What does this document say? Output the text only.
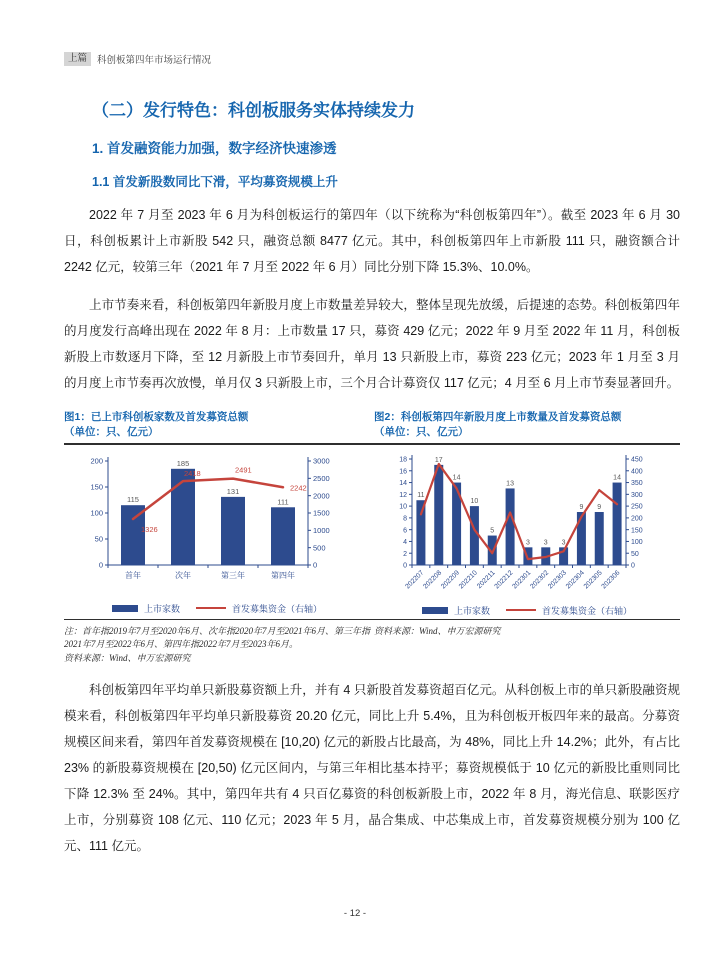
上篇	科创板第四年市场运行情况
（二）发行特色：科创板服务实体持续发力
1. 首发融资能力加强，数字经济快速渗透
1.1 首发新股数同比下滑，平均募资规模上升

2022 年 7 月至 2023 年 6 月为科创板运行的第四年（以下统称为“科创板第四年”）。截至 2023 年 6 月 30 日，科创板累计上市新股 542 只，融资总额 8477 亿元。其中，科创板第四年上市新股 111 只，融资额合计 2242 亿元，较第三年（2021 年 7 月至 2022 年 6 月）同比分别下降 15.3%、10.0%。

上市节奏来看，科创板第四年新股月度上市数量差异较大，整体呈现先放缓，后提速的态势。科创板第四年的月度发行高峰出现在 2022 年 8 月：上市数量 17 只，募资 429 亿元；2022 年 9 月至 2022 年 11 月，科创板新股上市数逐月下降，至 12 月新股上市节奏回升，单月 13 只新股上市，募资 223 亿元；2023 年 1 月至 3 月的月度上市节奏再次放慢，单月仅 3 只新股上市，三个月合计募资仅 117 亿元；4 月至 6 月上市节奏显著回升。

图1：已上市科创板家数及首发募资总额
（单位：只、亿元）
图2：科创板第四年新股月度上市数量及首发募资总额
（单位：只、亿元）
0
50
100
150
200
0
500
1000
1500
2000
2500
3000
首年	次年	第三年	第四年
115
185
131
111
1326
2418	2491
2242
上市家数	首发募集资金（右轴）
0
2
4
6
8
10
12
14
16
18
0
50
100
150
200
250
300
350
400
450
202207
202208
202209
202210
202211
202212
202301
202302
202303
202304
202305
202306
11
17
14
10
5
13
3 3 3
9 9
14
上市家数	首发募集资金（右轴）
注：首年指2019年7月至2020年6月、次年指2020年7月至2021年6月、第三年指2021年7月至2022年6月、第四年指2022年7月至2023年6月。
资料来源：Wind、申万宏源研究
资料来源：Wind、申万宏源研究

科创板第四年平均单只新股募资额上升，并有 4 只新股首发募资超百亿元。从科创板上市的单只新股融资规模来看，科创板第四年平均单只新股募资 20.20 亿元，同比上升 5.4%，且为科创板开板四年来的最高。分募资规模区间来看，第四年首发募资规模在 [10,20) 亿元的新股占比最高，为 48%，同比上升 14.2%；此外，有占比 23% 的新股募资规模在 [20,50) 亿元区间内，与第三年相比基本持平；募资规模低于 10 亿元的新股比重则同比下降 12.3% 至 24%。其中，第四年共有 4 只百亿募资的科创板新股上市，2022 年 8 月，海光信息、联影医疗上市，分别募资 108 亿元、110 亿元；2023 年 5 月，晶合集成、中芯集成上市，首发募资规模分别为 100 亿元、111 亿元。

- 12 -
